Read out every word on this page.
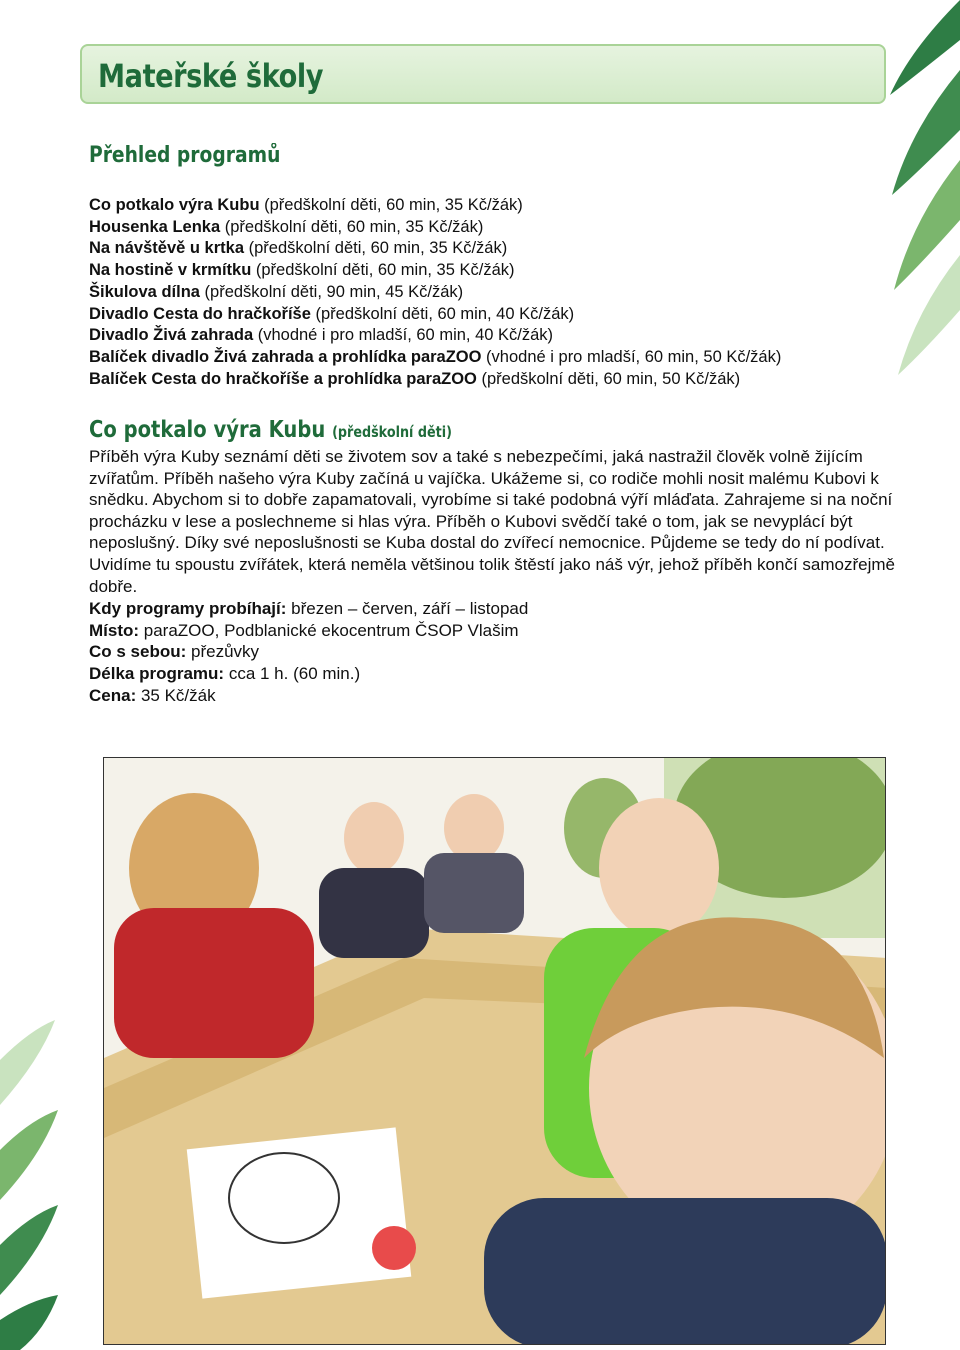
Mateřské školy
Přehled programů
Co potkalo výra Kubu (předškolní děti, 60 min, 35 Kč/žák)
Housenka Lenka (předškolní děti, 60 min, 35 Kč/žák)
Na návštěvě u krtka (předškolní děti, 60 min, 35 Kč/žák)
Na hostině v krmítku (předškolní děti, 60 min, 35 Kč/žák)
Šikulova dílna (předškolní děti, 90 min, 45 Kč/žák)
Divadlo Cesta do hračkoříše (předškolní děti, 60 min, 40 Kč/žák)
Divadlo Živá zahrada (vhodné i pro mladší, 60 min, 40 Kč/žák)
Balíček divadlo Živá zahrada a prohlídka paraZOO (vhodné i pro mladší, 60 min, 50 Kč/žák)
Balíček Cesta do hračkoříše a prohlídka paraZOO (předškolní děti, 60 min, 50 Kč/žák)
Co potkalo výra Kubu (předškolní děti)

Příběh výra Kuby seznámí děti se životem sov a také s nebezpečími, jaká nastražil člověk volně žijícím zvířatům. Příběh našeho výra Kuby začíná u vajíčka. Ukážeme si, co rodiče mohli nosit malému Kubovi k snědku. Abychom si to dobře zapamatovali, vyrobíme si také podobná výří mláďata. Zahrajeme si na noční procházku v lese a poslechneme si hlas výra. Příběh o Kubovi svědčí také o tom, jak se nevyplácí být neposlušný. Díky své neposlušnosti se Kuba dostal do zvířecí nemocnice. Půjdeme se tedy do ní podívat. Uvidíme tu spoustu zvířátek, která neměla většinou tolik štěstí jako náš výr, jehož příběh končí samozřejmě dobře.

Kdy programy probíhají: březen – červen, září – listopad
Místo: paraZOO, Podblanické ekocentrum ČSOP Vlašim
Co s sebou: přezůvky
Délka programu: cca 1 h. (60 min.)
Cena: 35 Kč/žák
